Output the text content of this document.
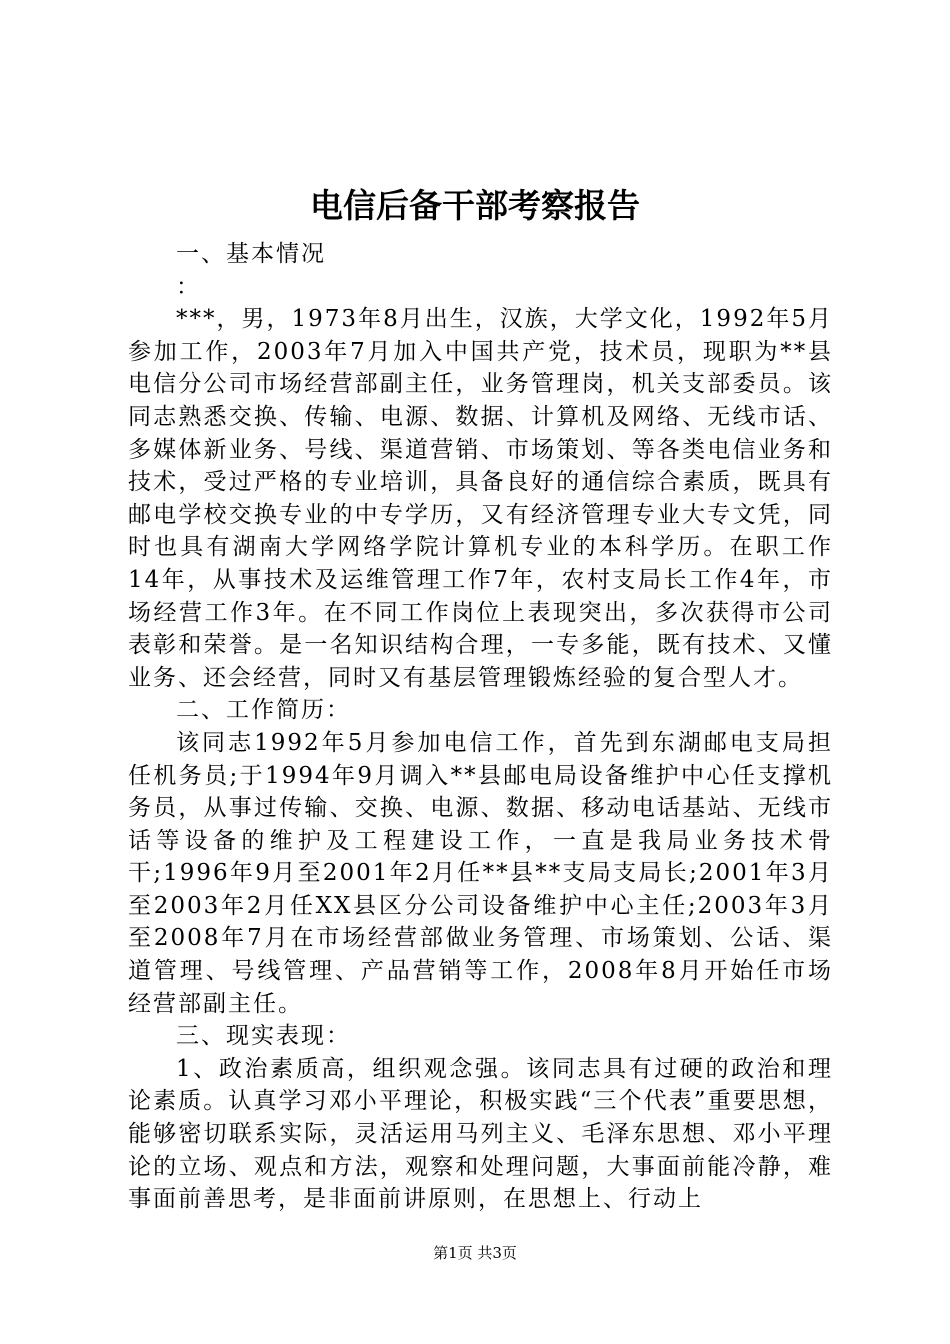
电信后备干部考察报告

一、基本情况

：

***，男，1973年8月出生，汉族，大学文化，1992年5月参加工作，2003年7月加入中国共产党，技术员，现职为**县电信分公司市场经营部副主任，业务管理岗，机关支部委员。该同志熟悉交换、传输、电源、数据、计算机及网络、无线市话、多媒体新业务、号线、渠道营销、市场策划、等各类电信业务和技术，受过严格的专业培训，具备良好的通信综合素质，既具有邮电学校交换专业的中专学历，又有经济管理专业大专文凭，同时也具有湖南大学网络学院计算机专业的本科学历。在职工作14年，从事技术及运维管理工作7年，农村支局长工作4年，市场经营工作3年。在不同工作岗位上表现突出，多次获得市公司表彰和荣誉。是一名知识结构合理，一专多能，既有技术、又懂业务、还会经营，同时又有基层管理锻炼经验的复合型人才。

二、工作简历：

该同志1992年5月参加电信工作，首先到东湖邮电支局担任机务员;于1994年9月调入**县邮电局设备维护中心任支撑机务员，从事过传输、交换、电源、数据、移动电话基站、无线市话等设备的维护及工程建设工作，一直是我局业务技术骨干;1996年9月至2001年2月任**县**支局支局长;2001年3月至2003年2月任XX县区分公司设备维护中心主任;2003年3月至2008年7月在市场经营部做业务管理、市场策划、公话、渠道管理、号线管理、产品营销等工作，2008年8月开始任市场经营部副主任。

三、现实表现：

1、政治素质高，组织观念强。该同志具有过硬的政治和理论素质。认真学习邓小平理论，积极实践“三个代表”重要思想，能够密切联系实际，灵活运用马列主义、毛泽东思想、邓小平理论的立场、观点和方法，观察和处理问题，大事面前能冷静，难事面前善思考，是非面前讲原则，在思想上、行动上

第1页 共3页
